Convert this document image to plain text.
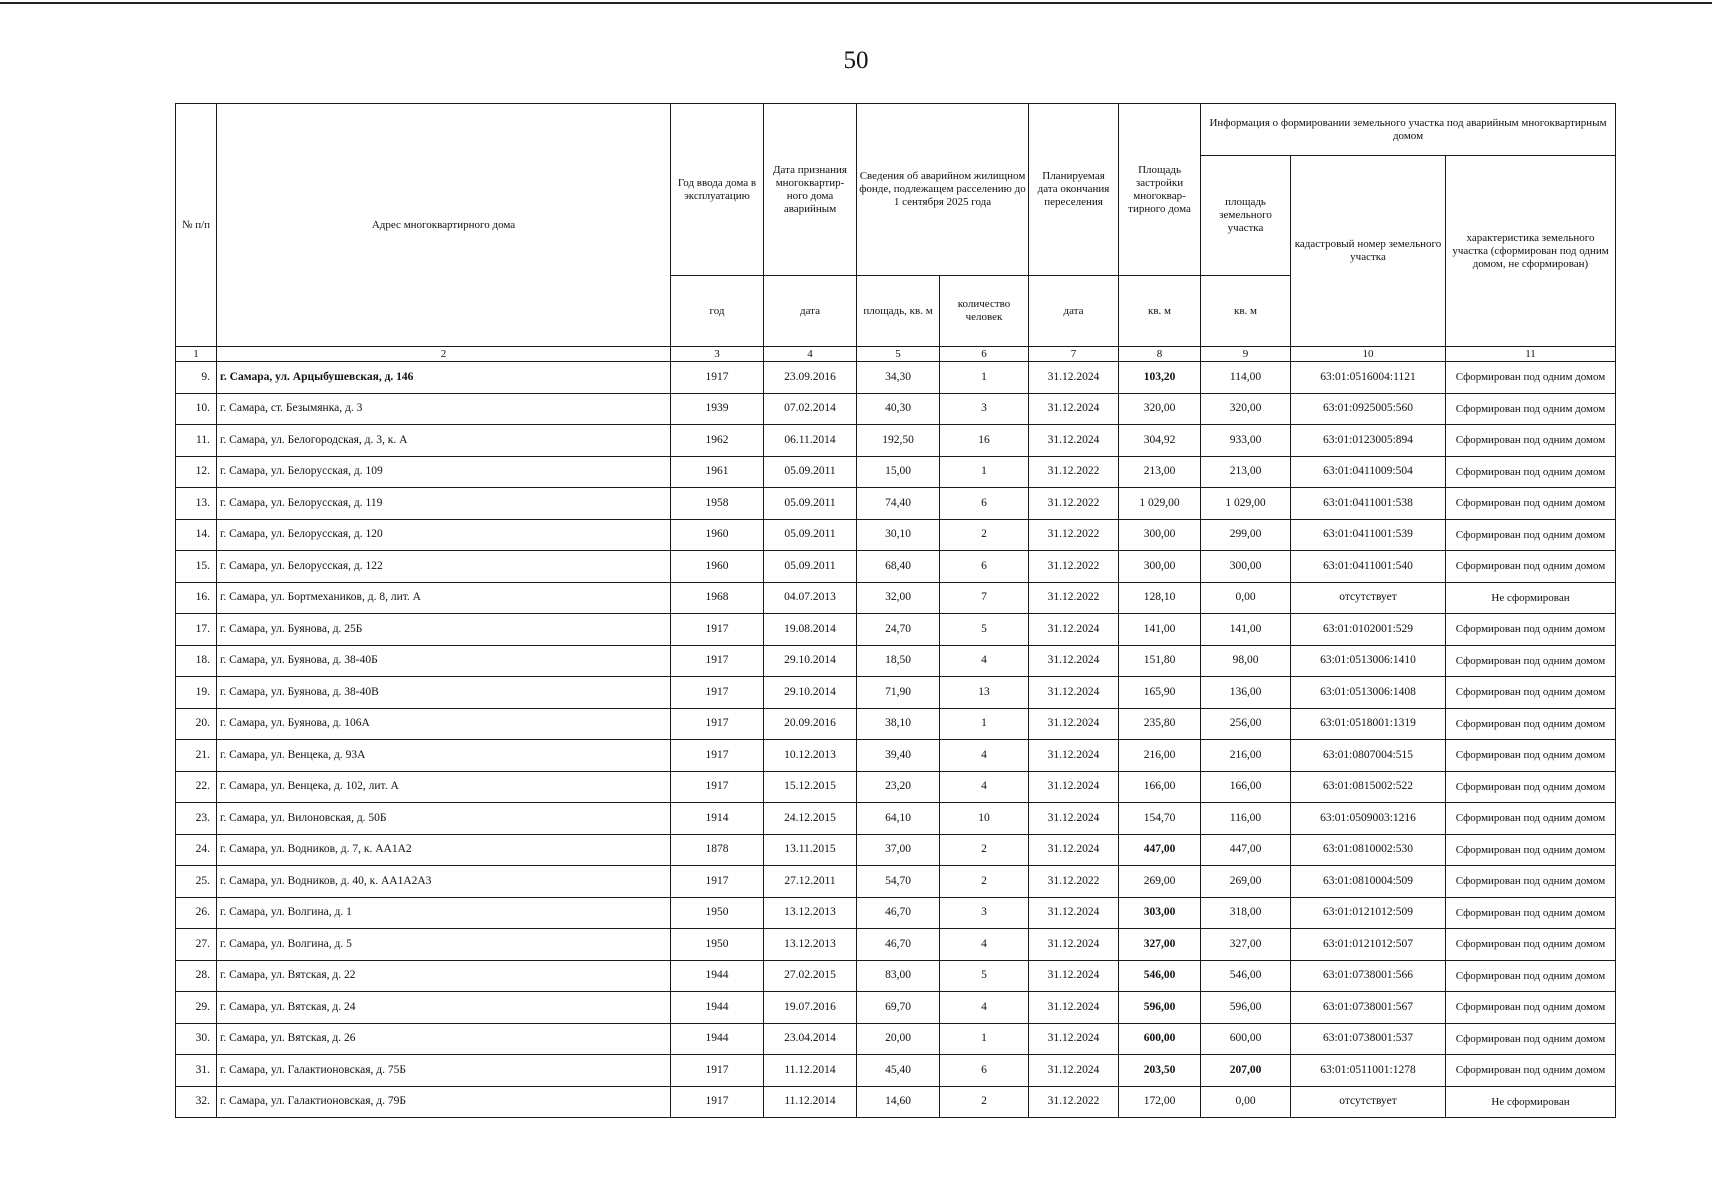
50
№ п/п	Адрес многоквартирного дома	Год ввода дома в эксплуатацию	Дата признания многоквартир-ного дома аварийным	Сведения об аварийном жилищном фонде, подлежащем расселению до 1 сентября 2025 года		Планируемая дата окончания переселения	Площадь застройки многоквар-тирного дома	Информация о формировании земельного участка под аварийным многоквартирным домом		
								площадь земельного участка	кадастровый номер земельного участка	характеристика земельного участка (сформирован под одним домом, не сформирован)
		год	дата	площадь, кв. м	количество человек	дата	кв. м	кв. м		
1	2	3	4	5	6	7	8	9	10	11
9.	г. Самара, ул. Арцыбушевская, д. 146	1917	23.09.2016	34,30	1	31.12.2024	103,20	114,00	63:01:0516004:1121	Сформирован под одним домом
10.	г. Самара, ст. Безымянка, д. 3	1939	07.02.2014	40,30	3	31.12.2024	320,00	320,00	63:01:0925005:560	Сформирован под одним домом
11.	г. Самара, ул. Белогородская, д. 3, к. А	1962	06.11.2014	192,50	16	31.12.2024	304,92	933,00	63:01:0123005:894	Сформирован под одним домом
12.	г. Самара, ул. Белорусская, д. 109	1961	05.09.2011	15,00	1	31.12.2022	213,00	213,00	63:01:0411009:504	Сформирован под одним домом
13.	г. Самара, ул. Белорусская, д. 119	1958	05.09.2011	74,40	6	31.12.2022	1 029,00	1 029,00	63:01:0411001:538	Сформирован под одним домом
14.	г. Самара, ул. Белорусская, д. 120	1960	05.09.2011	30,10	2	31.12.2022	300,00	299,00	63:01:0411001:539	Сформирован под одним домом
15.	г. Самара, ул. Белорусская, д. 122	1960	05.09.2011	68,40	6	31.12.2022	300,00	300,00	63:01:0411001:540	Сформирован под одним домом
16.	г. Самара, ул. Бортмехаников, д. 8, лит. А	1968	04.07.2013	32,00	7	31.12.2022	128,10	0,00	отсутствует	Не сформирован
17.	г. Самара, ул. Буянова, д. 25Б	1917	19.08.2014	24,70	5	31.12.2024	141,00	141,00	63:01:0102001:529	Сформирован под одним домом
18.	г. Самара, ул. Буянова, д. 38-40Б	1917	29.10.2014	18,50	4	31.12.2024	151,80	98,00	63:01:0513006:1410	Сформирован под одним домом
19.	г. Самара, ул. Буянова, д. 38-40В	1917	29.10.2014	71,90	13	31.12.2024	165,90	136,00	63:01:0513006:1408	Сформирован под одним домом
20.	г. Самара, ул. Буянова, д. 106А	1917	20.09.2016	38,10	1	31.12.2024	235,80	256,00	63:01:0518001:1319	Сформирован под одним домом
21.	г. Самара, ул. Венцека, д. 93А	1917	10.12.2013	39,40	4	31.12.2024	216,00	216,00	63:01:0807004:515	Сформирован под одним домом
22.	г. Самара, ул. Венцека, д. 102, лит. А	1917	15.12.2015	23,20	4	31.12.2024	166,00	166,00	63:01:0815002:522	Сформирован под одним домом
23.	г. Самара, ул. Вилоновская, д. 50Б	1914	24.12.2015	64,10	10	31.12.2024	154,70	116,00	63:01:0509003:1216	Сформирован под одним домом
24.	г. Самара, ул. Водников, д. 7, к. АА1А2	1878	13.11.2015	37,00	2	31.12.2024	447,00	447,00	63:01:0810002:530	Сформирован под одним домом
25.	г. Самара, ул. Водников, д. 40, к. АА1А2А3	1917	27.12.2011	54,70	2	31.12.2022	269,00	269,00	63:01:0810004:509	Сформирован под одним домом
26.	г. Самара, ул. Волгина, д. 1	1950	13.12.2013	46,70	3	31.12.2024	303,00	318,00	63:01:0121012:509	Сформирован под одним домом
27.	г. Самара, ул. Волгина, д. 5	1950	13.12.2013	46,70	4	31.12.2024	327,00	327,00	63:01:0121012:507	Сформирован под одним домом
28.	г. Самара, ул. Вятская, д. 22	1944	27.02.2015	83,00	5	31.12.2024	546,00	546,00	63:01:0738001:566	Сформирован под одним домом
29.	г. Самара, ул. Вятская, д. 24	1944	19.07.2016	69,70	4	31.12.2024	596,00	596,00	63:01:0738001:567	Сформирован под одним домом
30.	г. Самара, ул. Вятская, д. 26	1944	23.04.2014	20,00	1	31.12.2024	600,00	600,00	63:01:0738001:537	Сформирован под одним домом
31.	г. Самара, ул. Галактионовская, д. 75Б	1917	11.12.2014	45,40	6	31.12.2024	203,50	207,00	63:01:0511001:1278	Сформирован под одним домом
32.	г. Самара, ул. Галактионовская, д. 79Б	1917	11.12.2014	14,60	2	31.12.2022	172,00	0,00	отсутствует	Не сформирован
